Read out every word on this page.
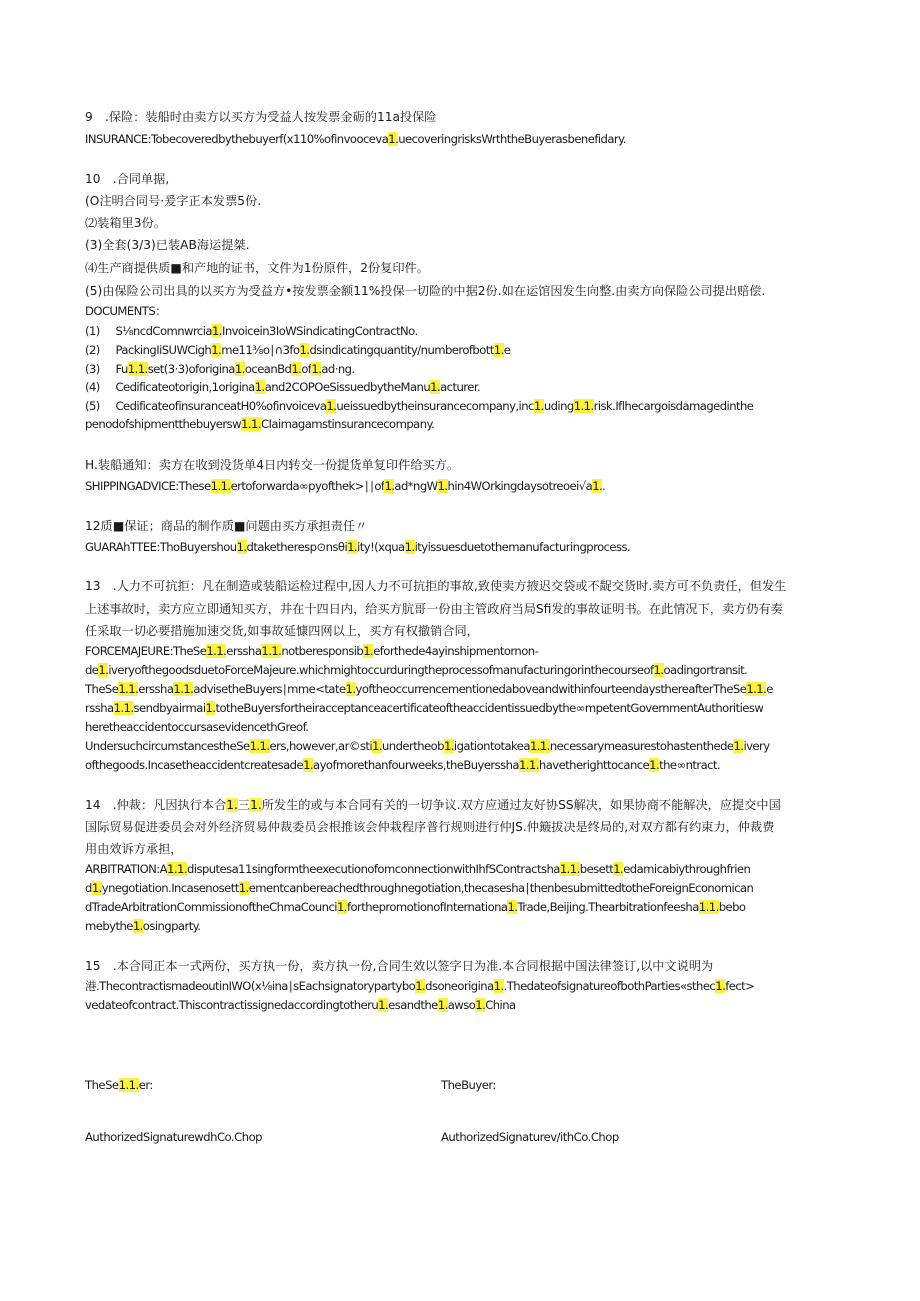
9　.保险：装船时由卖方以买方为受益人按发票金砺的11a投保险
INSURANCE:Tobecoveredbythebuyerf(x110%ofinvooceva1.uecoveringrisksWrththeBuyerasbenefidary.
10　.合同单据,
(O注明合同号·爰字正本发票5份.
⑵装箱里3份。
(3)全套(3/3)已装AB海运提桀.
⑷生产商提供质■和产地的证书，文件为1份原件，2份复印件。
(5)由保险公司出具的以买方为受益方•按发票金额11%投保一切险的中据2份.如在运馆因发生向整.由卖方向保险公司提出赔偿.
DOCUMENTS：
(1) S⅛ncdComnwrcia1.Invoicein3IoWSindicatingContractNo.
(2) PackingIiSUWCigh1.me11⅜o∣∩3fo1.dsindicatingquantity/numberofbott1.e
(3) Fu1.1.set(3·3)oforigina1.oceanBd1.of1.ad·ng.
(4) Cedificateotorigin,1origina1.and2COPOeSissuedbytheManu1.acturer.
(5) CedificateofinsuranceatH0%ofinvoiceva1.ueissuedbytheinsurancecompany,inc1.uding1.1.risk.Iflhecargoisdamagedinthe
penodofshipmentthebuyersw1.1.CIaimagamstinsurancecompany.
H.装船通知：卖方在收到没货单4日内转交一份提货单复印件给买方。
SHIPPINGADVICE:These1.1.ertoforwarda∞pyofthek>∣∣of1.ad*ngW1.hin4WOrkingdaysotreoei√a1..
12质■保证；商品的制作质■问题由买方承担责任〃
GUARAhTTEE:ThoBuyershou1.dtaketheresp⊙nsθi1.ity!(xqua1.ityissuesduetothemanufacturingprocess.
13　.人力不可抗拒：凡在制造或装船运检过程中,因人力不可抗拒的事故,致使卖方掖迟交袋或不龊交货时.卖方可不负责任，但发生
上述事故时，卖方应立即通知买方，井在十四日内，给买方肮哥一份由主管政府当局Sfi发的事故证明书。在此情况下，卖方仍有奏
任采取一切必要措施加速交货,如事故延慷四网以上，买方有权撤销合同，
FORCEMAJEURE:TheSe1.1.erssha1.1.notberesponsib1.eforthede4ayinshipmentornon-
de1.iveryofthegoodsduetoForceMajeure.whichmightoccurduringtheprocessofmanufacturingorinthecourseof1.oadingortransit.
TheSe1.1.erssha1.1.advisetheBuyers∣mme<tate1.yoftheoccurrencementionedaboveandwithinfourteendaysthereafterTheSe1.1.e
rssha1.1.sendbyairmai1.totheBuyersfortheiracceptanceacertificateoftheaccidentissuedbythe∞mpetentGovernmentAuthoritiesw
heretheaccidentoccursasevidencethGreof.
UndersuchcircumstancestheSe1.1.ers,however,ar©sti1.undertheob1.igationtotakea1.1.necessarymeasurestohastenthede1.ivery
ofthegoods.Incasetheaccidentcreatesade1.ayofmorethanfourweeks,theBuyerssha1.1.havetherighttocance1.the∞ntract.
14　.仲裁：凡因执行本合1.三1.所发生的或与本合同有关的一切争议.双方应通过友好协SS解决，如果协商不能解决，应提交中国
国际贸易促进委员会对外经济贸易仲裁委员会根推该会仲栽程序普行规则进行仲JS.仲簸拔决是终局的,对双方都有约束力，仲裁费
用由效诉方承担，
ARBITRATION:A1.1.disputesa11singformtheexecutionofomconnectionwithIhfSContractsha1.1.besett1.edamicabiythroughfrien
d1.ynegotiation.Incasenosett1.ementcanbereachedthroughnegotiation,thecasesha∣thenbesubmittedtotheForeignEconomican
dTradeArbitrationCommissionoftheChmaCounci1.forthepromotionofInternationa1.Trade,Beijing.Thearbitrationfeesha1.1.bebo
mebythe1.osingparty.
15　.本合同正本一式两份，买方执一份，卖方执一份,合同生效以签字日为准.本合同根据中国法律签订,以中文说明为
港.ThecontractismadeoutinIWO(x⅛ina∣sEachsignatorypartybo1.dsoneorigina1..ThedateofsignatureofbothParties«sthec1.fect>
vedateofcontract.Thiscontractissignedaccordingtotheru1.esandthe1.awso1.China
TheSe1.1.er:	TheBuyer:
AuthorizedSignaturewdhCo.Chop	AuthorizedSignaturev/ithCo.Chop
